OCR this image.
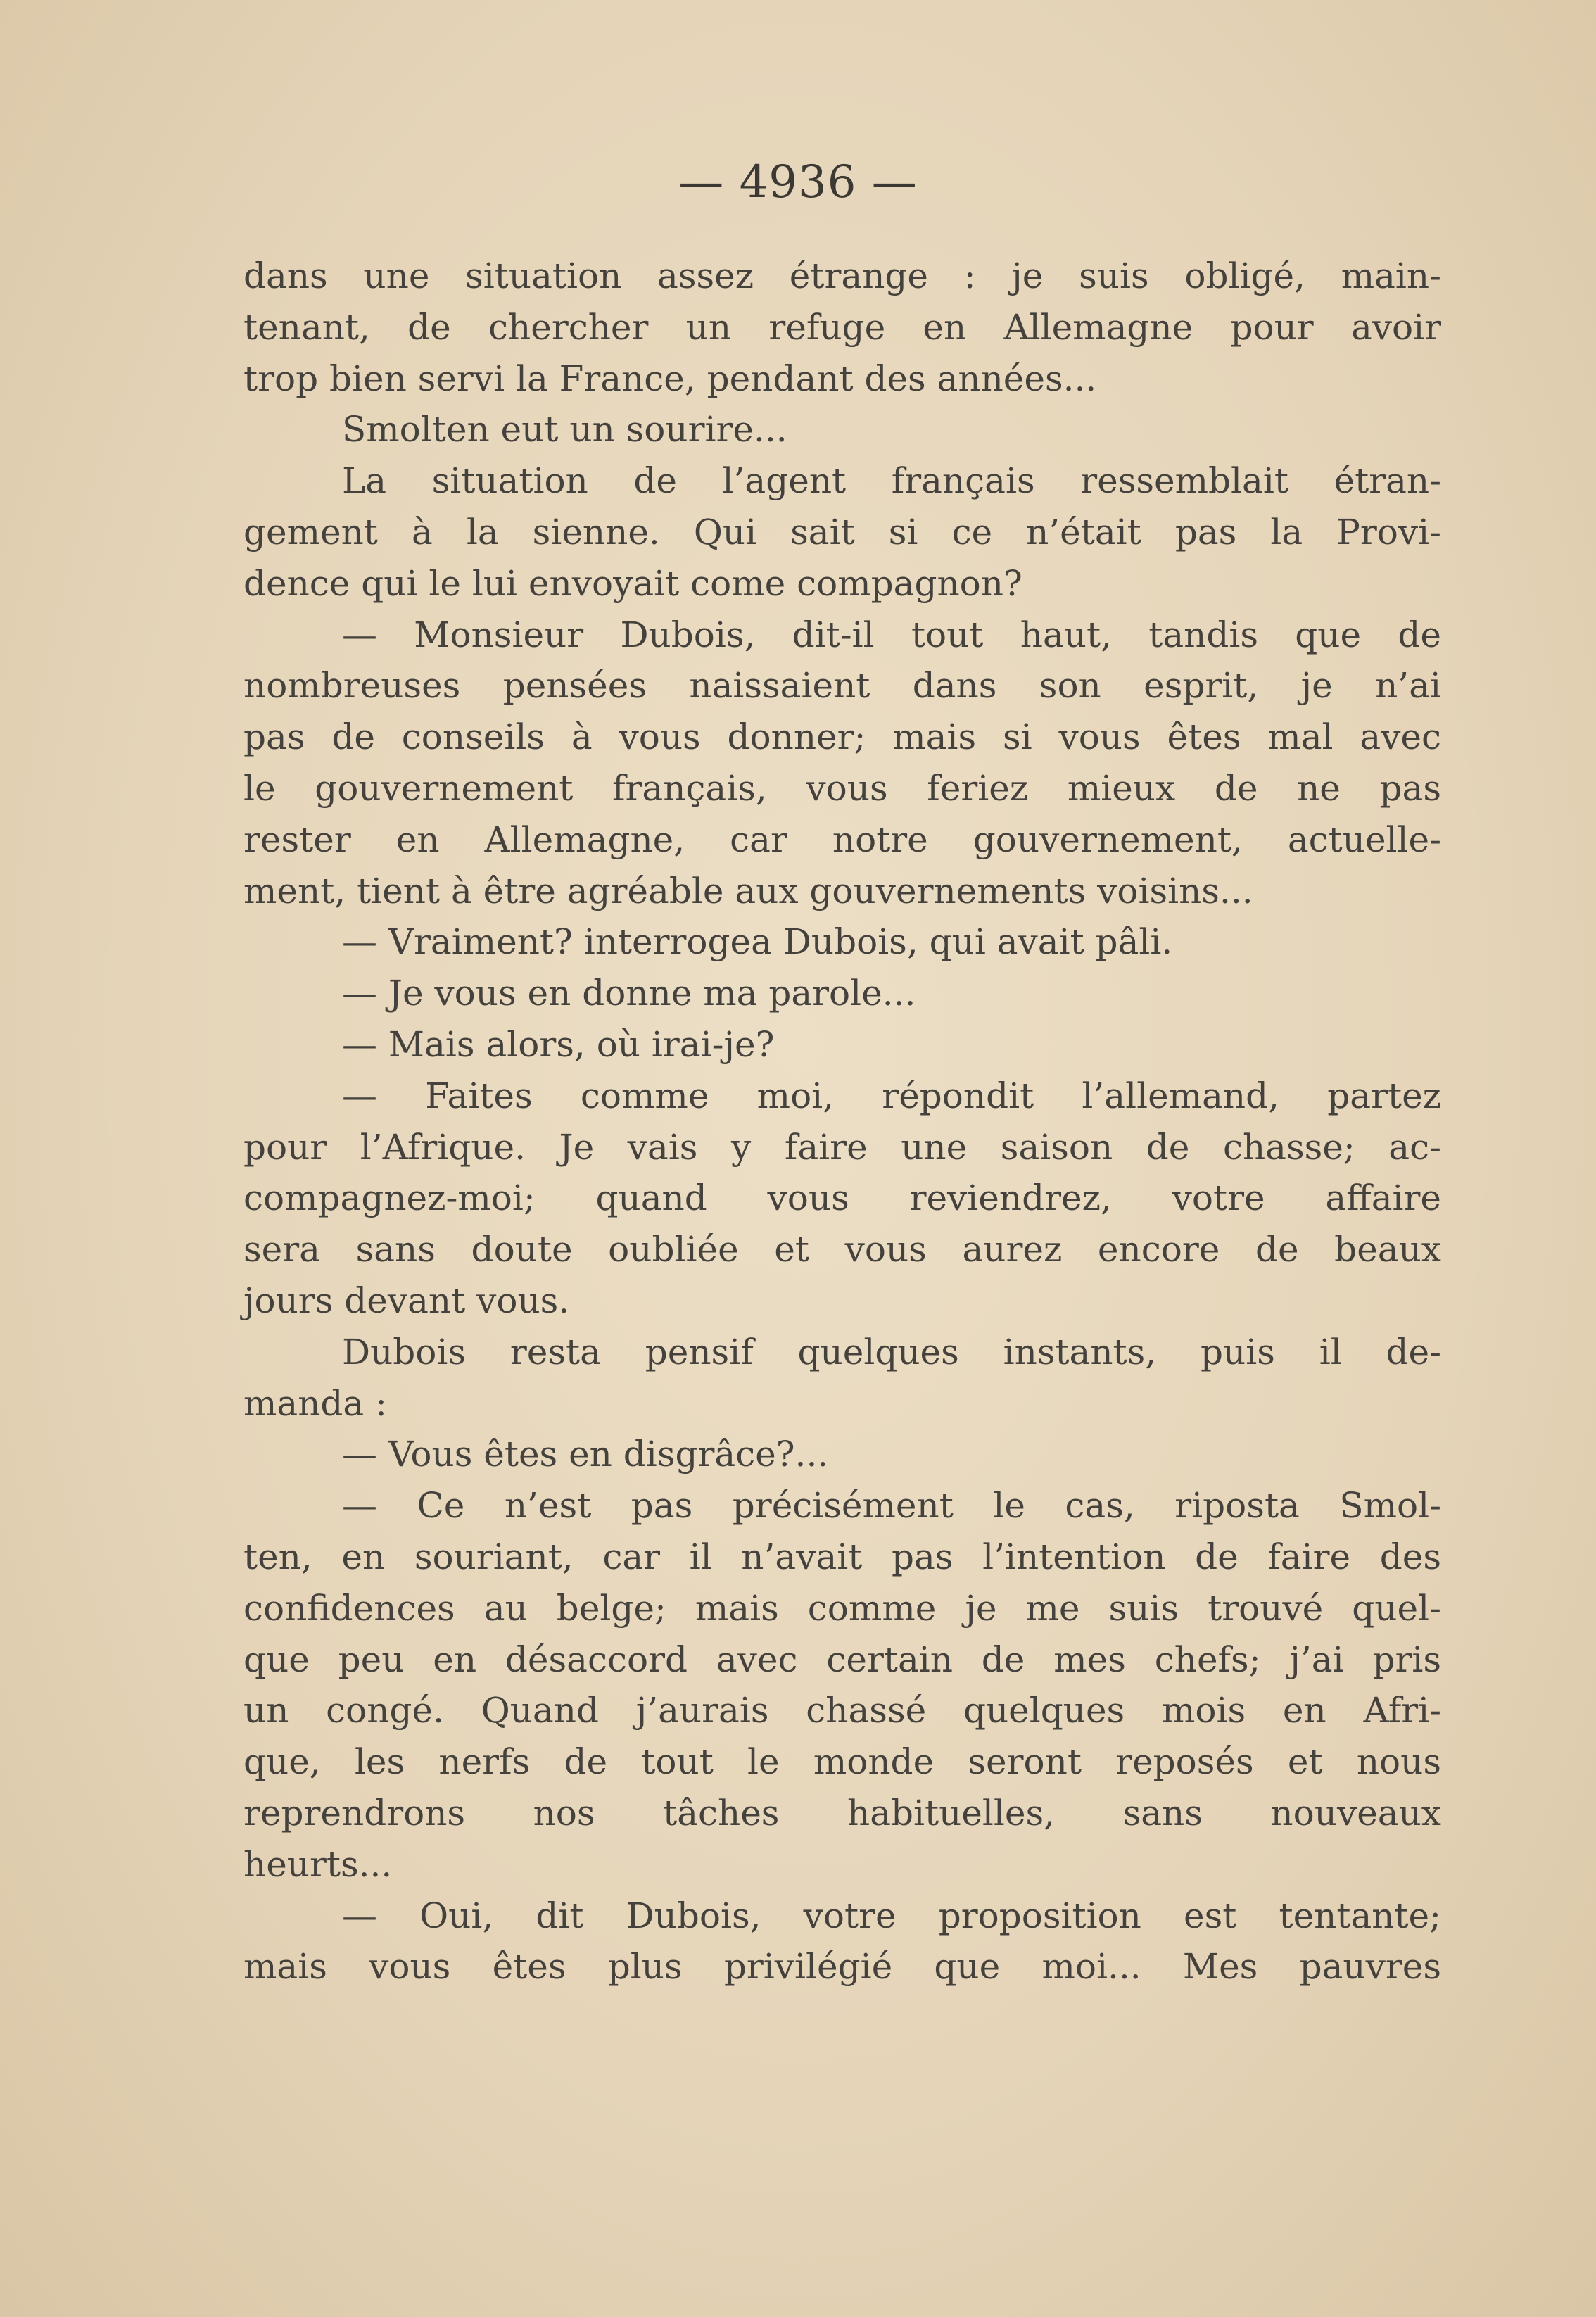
— 4936 —
dans une situation assez étrange : je suis obligé, main-
tenant, de chercher un refuge en Allemagne pour avoir
trop bien servi la France, pendant des années...
Smolten eut un sourire...
La situation de l’agent français ressemblait étran-
gement à la sienne. Qui sait si ce n’était pas la Provi-
dence qui le lui envoyait come compagnon?
— Monsieur Dubois, dit-il tout haut, tandis que de
nombreuses pensées naissaient dans son esprit, je n’ai
pas de conseils à vous donner; mais si vous êtes mal avec
le gouvernement français, vous feriez mieux de ne pas
rester en Allemagne, car notre gouvernement, actuelle-
ment, tient à être agréable aux gouvernements voisins...
— Vraiment? interrogea Dubois, qui avait pâli.
— Je vous en donne ma parole...
— Mais alors, où irai-je?
— Faites comme moi, répondit l’allemand, partez
pour l’Afrique. Je vais y faire une saison de chasse; ac-
compagnez-moi; quand vous reviendrez, votre affaire
sera sans doute oubliée et vous aurez encore de beaux
jours devant vous.
Dubois resta pensif quelques instants, puis il de-
manda :
— Vous êtes en disgrâce?...
— Ce n’est pas précisément le cas, riposta Smol-
ten, en souriant, car il n’avait pas l’intention de faire des
confidences au belge; mais comme je me suis trouvé quel-
que peu en désaccord avec certain de mes chefs; j’ai pris
un congé. Quand j’aurais chassé quelques mois en Afri-
que, les nerfs de tout le monde seront reposés et nous
reprendrons nos tâches habituelles, sans nouveaux
heurts...
— Oui, dit Dubois, votre proposition est tentante;
mais vous êtes plus privilégié que moi... Mes pauvres
